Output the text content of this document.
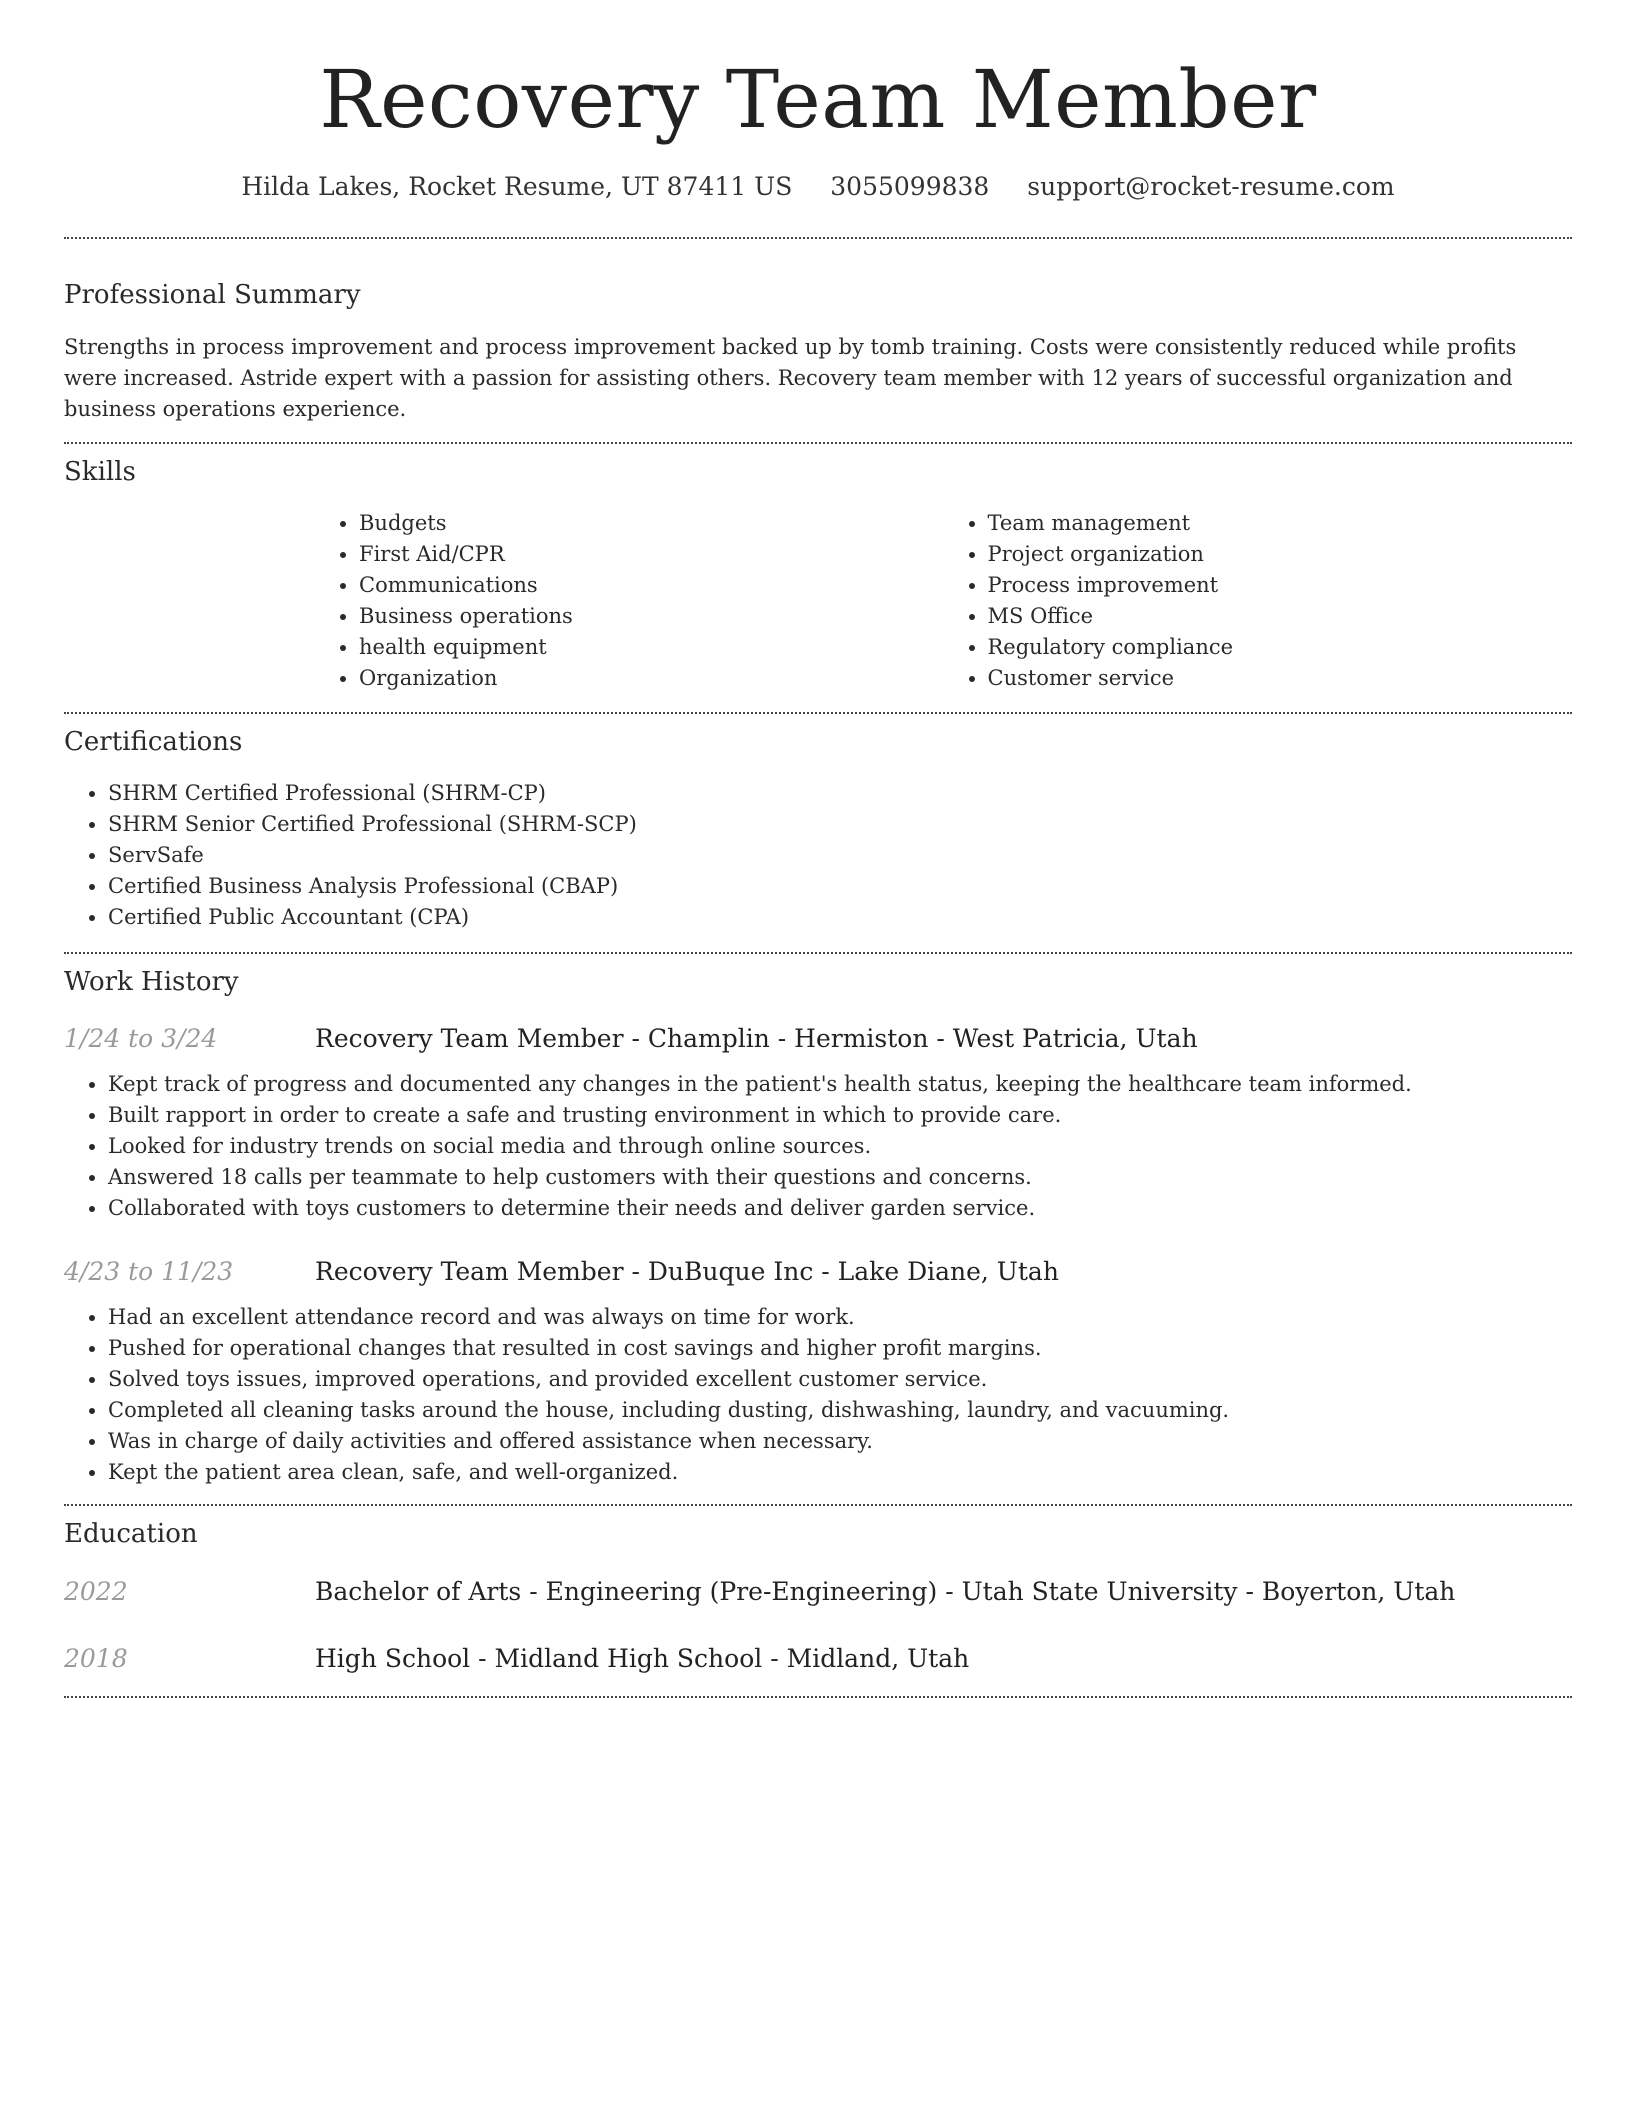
Recovery Team Member
Hilda Lakes, Rocket Resume, UT 87411 US 3055099838 support@rocket-resume.com
Professional Summary

Strengths in process improvement and process improvement backed up by tomb training. Costs were consistently reduced while profits were increased. Astride expert with a passion for assisting others. Recovery team member with 12 years of successful organization and business operations experience.

Skills
• Budgets
• First Aid/CPR
• Communications
• Business operations
• health equipment
• Organization
• Team management
• Project organization
• Process improvement
• MS Office
• Regulatory compliance
• Customer service
Certifications
• SHRM Certified Professional (SHRM-CP)
• SHRM Senior Certified Professional (SHRM-SCP)
• ServSafe
• Certified Business Analysis Professional (CBAP)
• Certified Public Accountant (CPA)
Work History
1/24 to 3/24	Recovery Team Member - Champlin - Hermiston - West Patricia, Utah
• Kept track of progress and documented any changes in the patient's health status, keeping the healthcare team informed.
• Built rapport in order to create a safe and trusting environment in which to provide care.
• Looked for industry trends on social media and through online sources.
• Answered 18 calls per teammate to help customers with their questions and concerns.
• Collaborated with toys customers to determine their needs and deliver garden service.
4/23 to 11/23	Recovery Team Member - DuBuque Inc - Lake Diane, Utah
• Had an excellent attendance record and was always on time for work.
• Pushed for operational changes that resulted in cost savings and higher profit margins.
• Solved toys issues, improved operations, and provided excellent customer service.
• Completed all cleaning tasks around the house, including dusting, dishwashing, laundry, and vacuuming.
• Was in charge of daily activities and offered assistance when necessary.
• Kept the patient area clean, safe, and well-organized.
Education
2022	Bachelor of Arts - Engineering (Pre-Engineering) - Utah State University - Boyerton, Utah
2018	High School - Midland High School - Midland, Utah
